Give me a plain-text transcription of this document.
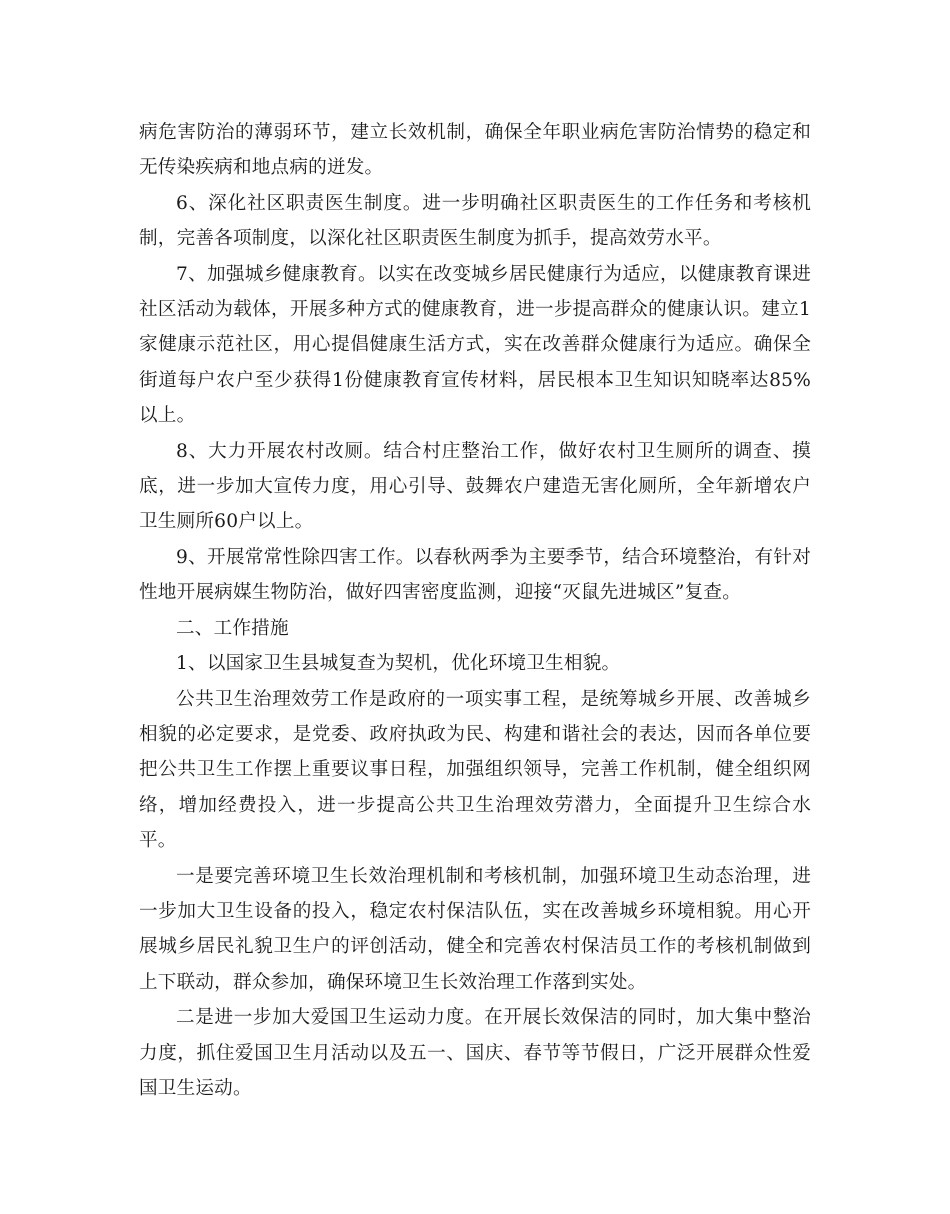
病危害防治的薄弱环节，建立长效机制，确保全年职业病危害防治情势的稳定和无传染疾病和地点病的迸发。

6、深化社区职责医生制度。进一步明确社区职责医生的工作任务和考核机制，完善各项制度，以深化社区职责医生制度为抓手，提高效劳水平。

7、加强城乡健康教育。以实在改变城乡居民健康行为适应，以健康教育课进社区活动为载体，开展多种方式的健康教育，进一步提高群众的健康认识。建立1家健康示范社区，用心提倡健康生活方式，实在改善群众健康行为适应。确保全街道每户农户至少获得1份健康教育宣传材料，居民根本卫生知识知晓率达85%以上。

8、大力开展农村改厕。结合村庄整治工作，做好农村卫生厕所的调查、摸底，进一步加大宣传力度，用心引导、鼓舞农户建造无害化厕所，全年新增农户卫生厕所60户以上。

9、开展常常性除四害工作。以春秋两季为主要季节，结合环境整治，有针对性地开展病媒生物防治，做好四害密度监测，迎接“灭鼠先进城区”复查。

二、工作措施

1、以国家卫生县城复查为契机，优化环境卫生相貌。

公共卫生治理效劳工作是政府的一项实事工程，是统筹城乡开展、改善城乡相貌的必定要求，是党委、政府执政为民、构建和谐社会的表达，因而各单位要把公共卫生工作摆上重要议事日程，加强组织领导，完善工作机制，健全组织网络，增加经费投入，进一步提高公共卫生治理效劳潜力，全面提升卫生综合水平。

一是要完善环境卫生长效治理机制和考核机制，加强环境卫生动态治理，进一步加大卫生设备的投入，稳定农村保洁队伍，实在改善城乡环境相貌。用心开展城乡居民礼貌卫生户的评创活动，健全和完善农村保洁员工作的考核机制做到上下联动，群众参加，确保环境卫生长效治理工作落到实处。

二是进一步加大爱国卫生运动力度。在开展长效保洁的同时，加大集中整治力度，抓住爱国卫生月活动以及五一、国庆、春节等节假日，广泛开展群众性爱国卫生运动。
